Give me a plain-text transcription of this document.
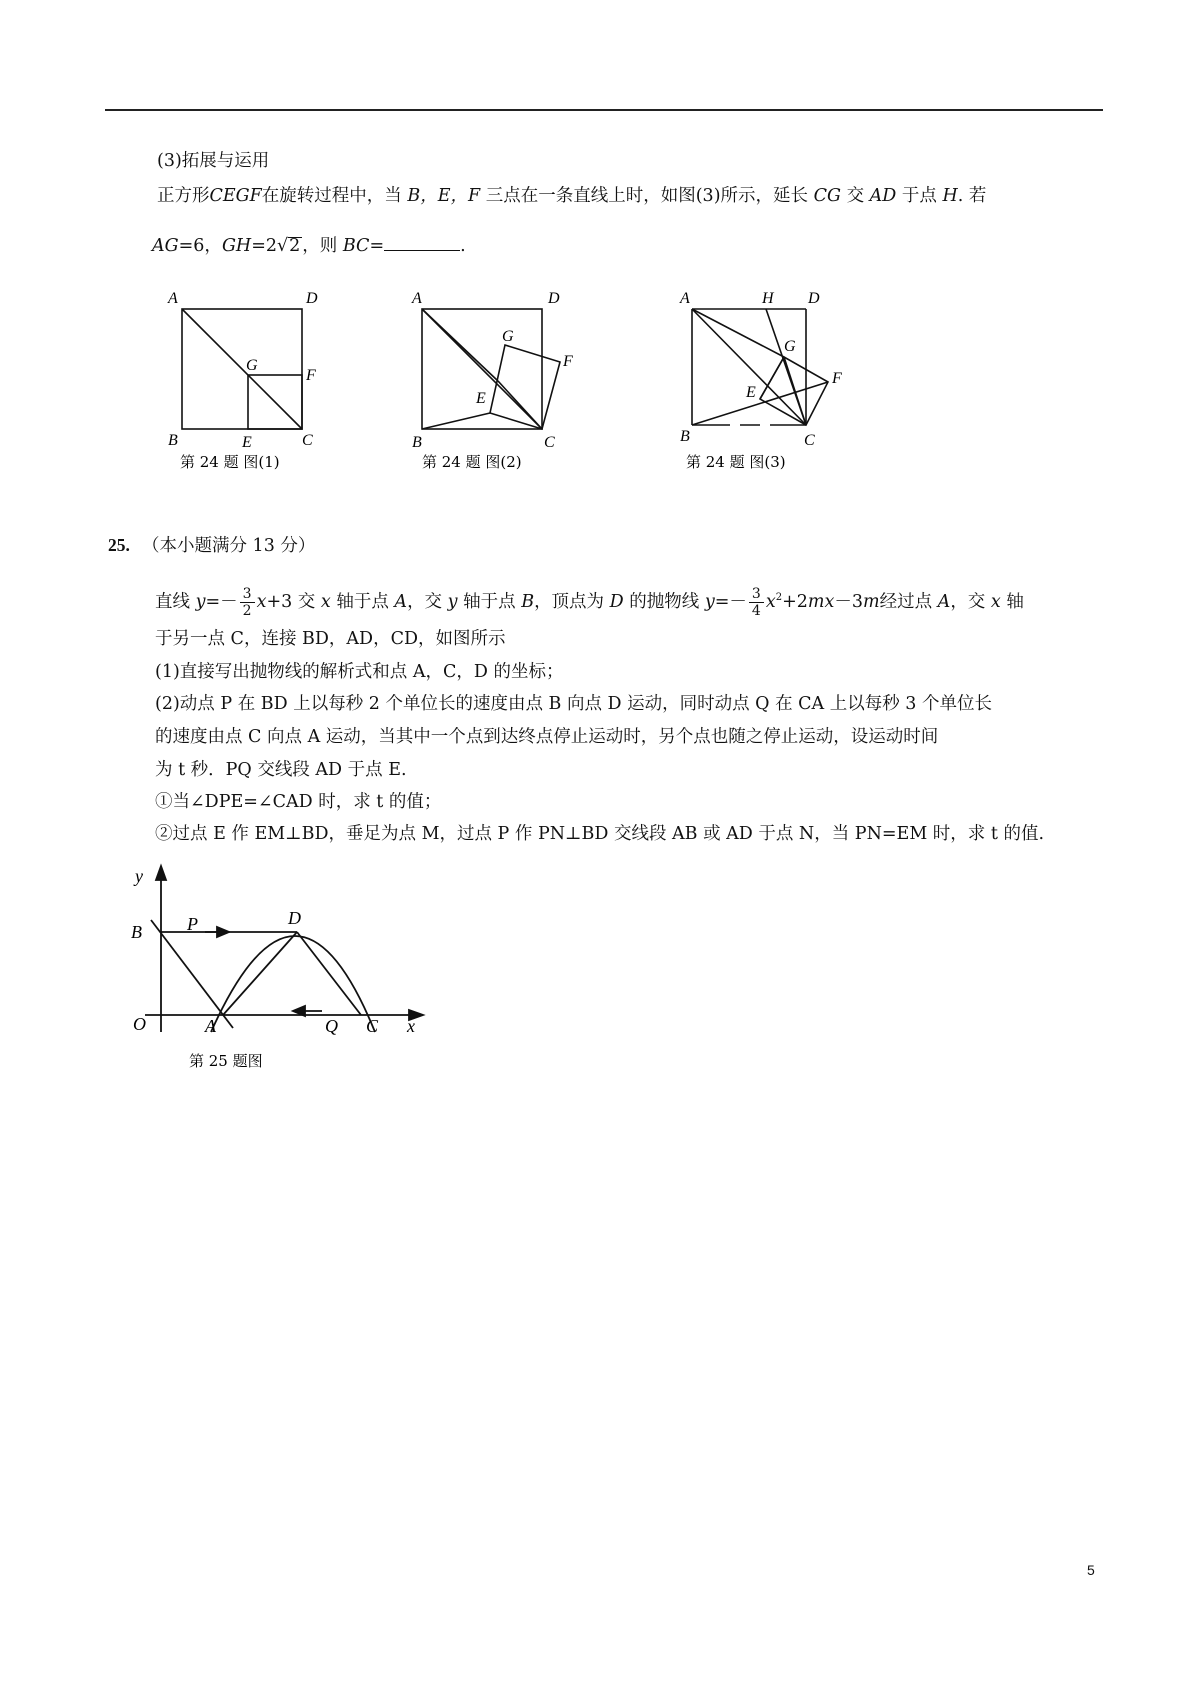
(3)拓展与运用
正方形CEGF在旋转过程中，当 B，E，F 三点在一条直线上时，如图(3)所示，延长 CG 交 AD 于点 H. 若
AG=6，GH=2√2 ，则 BC=	.
A	D
G
F
B	E	C
第 24 题 图(1)
A	D
G
F
E
B	C
第 24 题 图(2)
A	H D
G
F
E
B	C
第 24 题 图(3)
25. （本小题满分 13 分）
直线 $y=- \frac{3}{2} x+3$ 交 x 轴于点 A，交 y 轴于点 B，顶点为 D 的抛物线 $y=- \frac{3}{4} x^2+2mx-3m$经过点 A，交 x 轴
于另一点 C，连接 BD，AD，CD，如图所示
(1)直接写出抛物线的解析式和点 A，C，D 的坐标；
(2)动点 P 在 BD 上以每秒 2 个单位长的速度由点 B 向点 D 运动，同时动点 Q 在 CA 上以每秒 3 个单位长
的速度由点 C 向点 A 运动，当其中一个点到达终点停止运动时，另个点也随之停止运动，设运动时间
为 t 秒．PQ 交线段 AD 于点 E.
①当∠DPE=∠CAD 时，求 t 的值；
②过点 E 作 EM⊥BD，垂足为点 M，过点 P 作 PN⊥BD 交线段 AB 或 AD 于点 N，当 PN=EM 时，求 t 的值.
y
B	P	D
O	A	Q C x
第 25 题图
5
